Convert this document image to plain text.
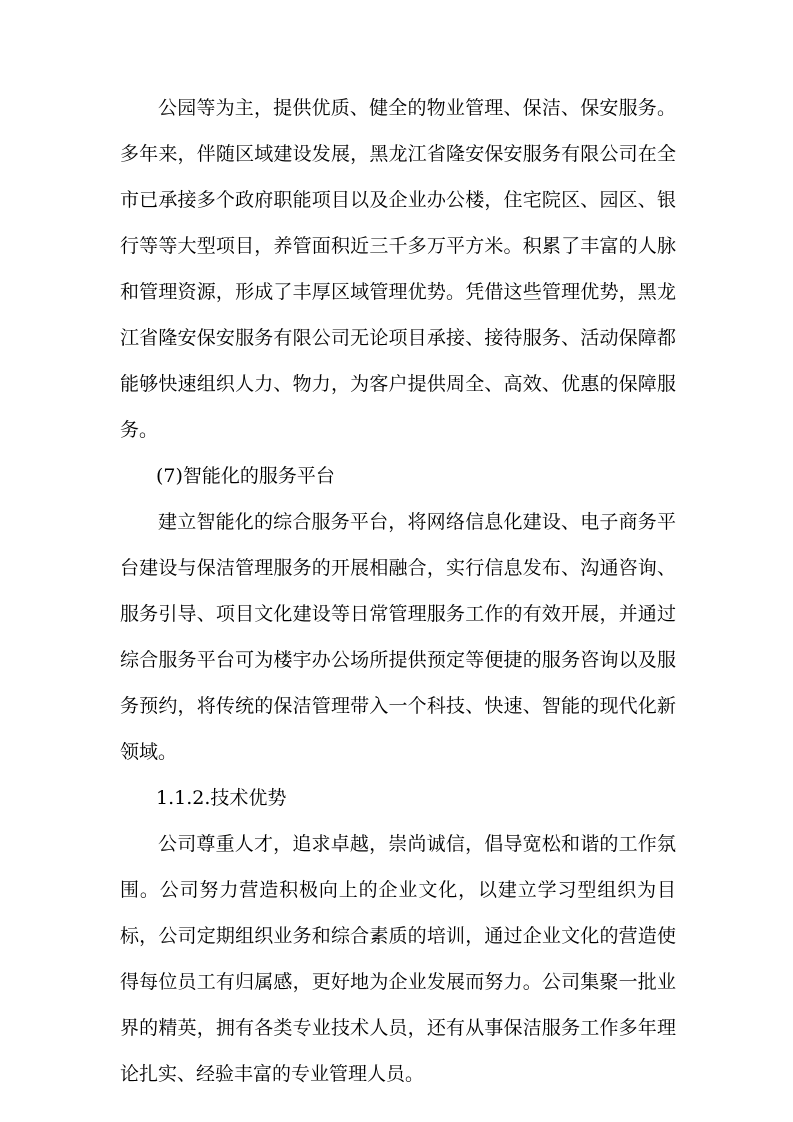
公园等为主，提供优质、健全的物业管理、保洁、保安服务。多年来，伴随区域建设发展，黑龙江省隆安保安服务有限公司在全市已承接多个政府职能项目以及企业办公楼，住宅院区、园区、银行等等大型项目，养管面积近三千多万平方米。积累了丰富的人脉和管理资源，形成了丰厚区域管理优势。凭借这些管理优势，黑龙江省隆安保安服务有限公司无论项目承接、接待服务、活动保障都能够快速组织人力、物力，为客户提供周全、高效、优惠的保障服务。

(7)智能化的服务平台

建立智能化的综合服务平台，将网络信息化建设、电子商务平台建设与保洁管理服务的开展相融合，实行信息发布、沟通咨询、服务引导、项目文化建设等日常管理服务工作的有效开展，并通过综合服务平台可为楼宇办公场所提供预定等便捷的服务咨询以及服务预约，将传统的保洁管理带入一个科技、快速、智能的现代化新领域。

1.1.2.技术优势

公司尊重人才，追求卓越，崇尚诚信，倡导宽松和谐的工作氛围。公司努力营造积极向上的企业文化，以建立学习型组织为目标，公司定期组织业务和综合素质的培训，通过企业文化的营造使得每位员工有归属感，更好地为企业发展而努力。公司集聚一批业界的精英，拥有各类专业技术人员，还有从事保洁服务工作多年理论扎实、经验丰富的专业管理人员。
